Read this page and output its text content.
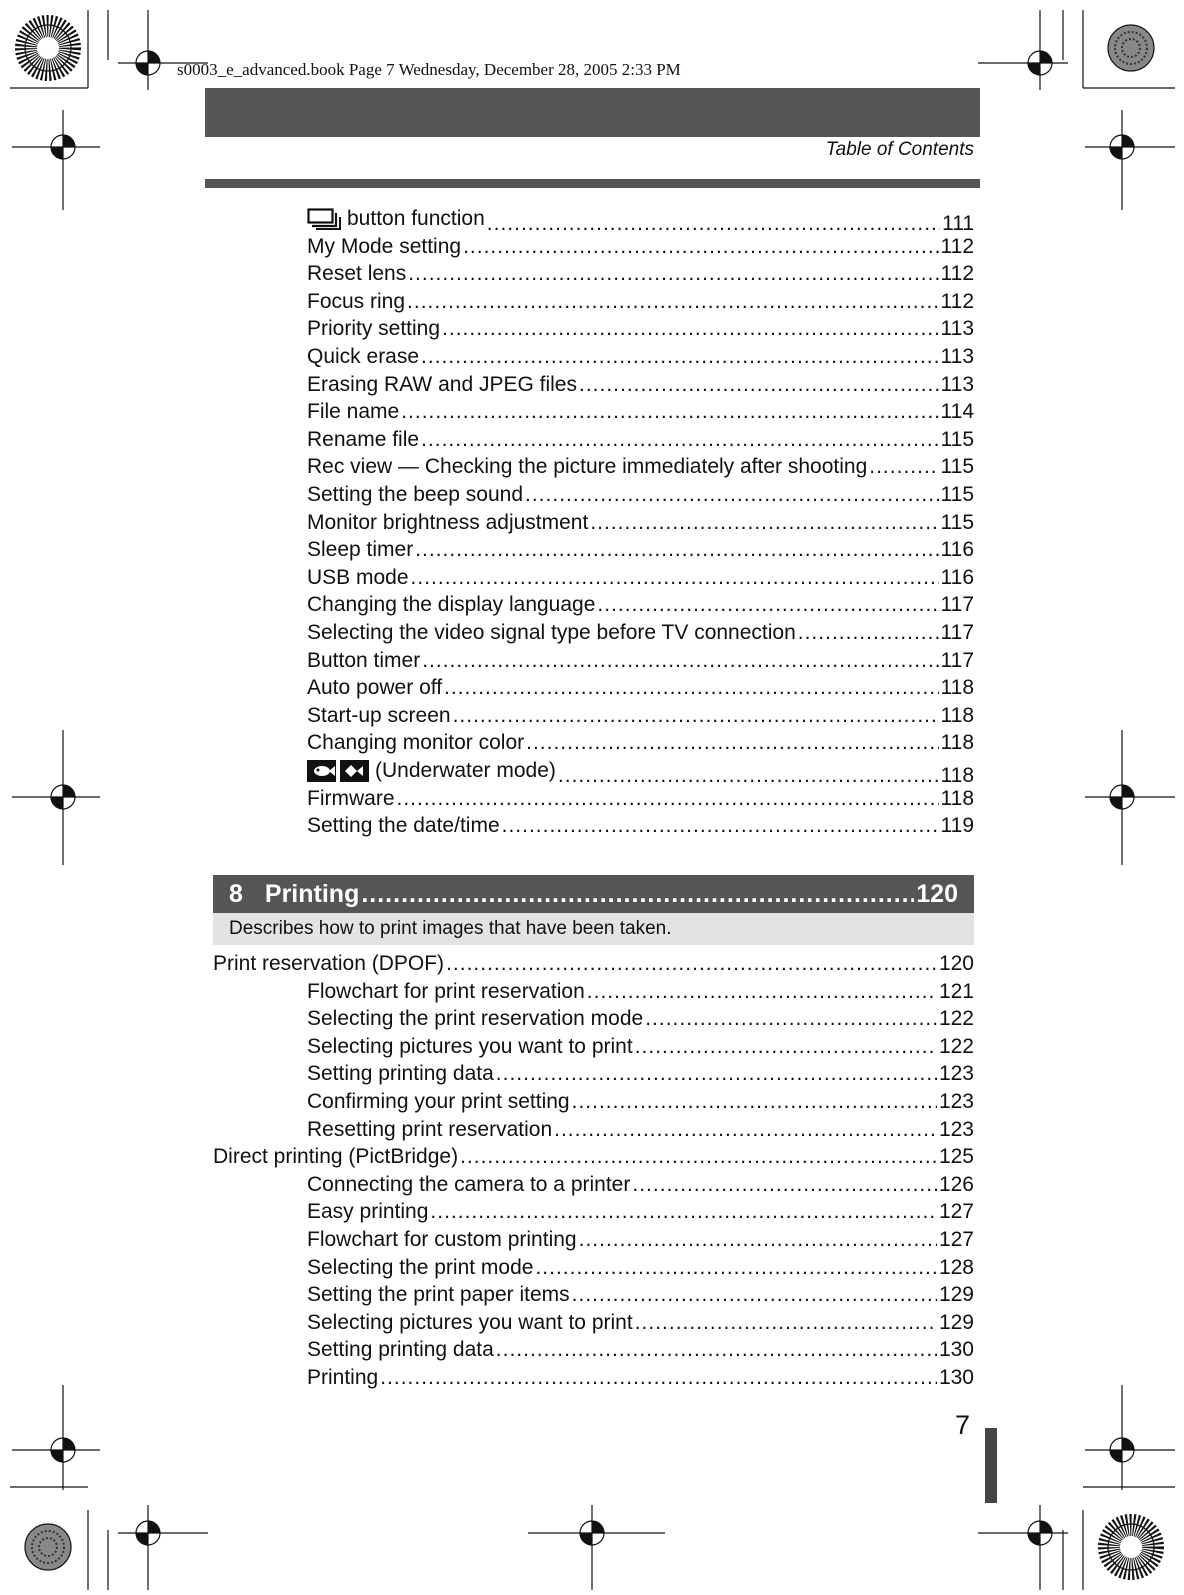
s0003_e_advanced.book Page 7 Wednesday, December 28, 2005 2:33 PM
Table of Contents
button function .....	111
My Mode setting .....	112
Reset lens .....	112
Focus ring .....	112
Priority setting .....	113
Quick erase .....	113
Erasing RAW and JPEG files .....	113
File name .....	114
Rename file .....	115
Rec view — Checking the picture immediately after shooting .....	115
Setting the beep sound .....	115
Monitor brightness adjustment .....	115
Sleep timer .....	116
USB mode .....	116
Changing the display language .....	117
Selecting the video signal type before TV connection .....	117
Button timer .....	117
Auto power off .....	118
Start-up screen .....	118
Changing monitor color .....	118
(Underwater mode) .....	118
Firmware .....	118
Setting the date/time .....	119
Print reservation (DPOF) .....	120
Flowchart for print reservation .....	121
Selecting the print reservation mode .....	122
Selecting pictures you want to print .....	122
Setting printing data .....	123
Confirming your print setting .....	123
Resetting print reservation .....	123
Direct printing (PictBridge) .....	125
Connecting the camera to a printer .....	126
Easy printing .....	127
Flowchart for custom printing .....	127
Selecting the print mode .....	128
Setting the print paper items .....	129
Selecting pictures you want to print .....	129
Setting printing data .....	130
Printing .....	130
8 Printing .....	120
Describes how to print images that have been taken.
7
